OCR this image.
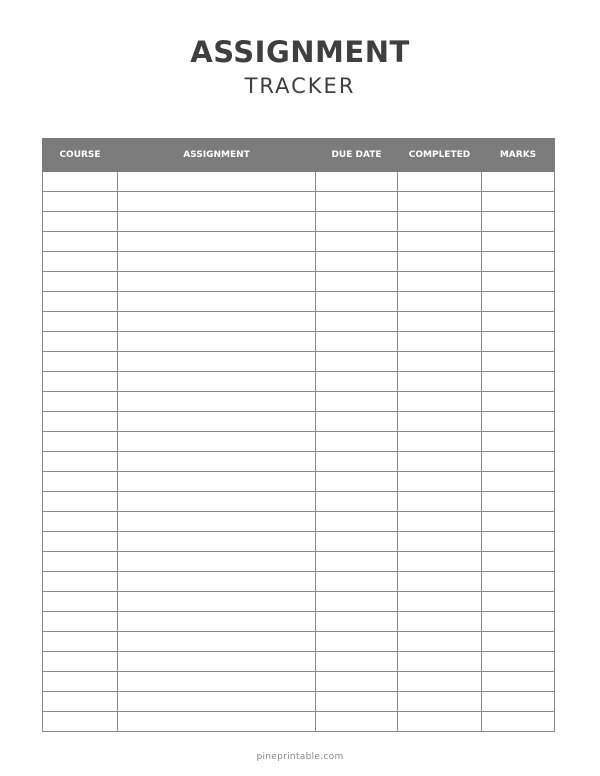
ASSIGNMENT
TRACKER
COURSE	ASSIGNMENT	DUE DATE	COMPLETED	MARKS

pineprintable.com
